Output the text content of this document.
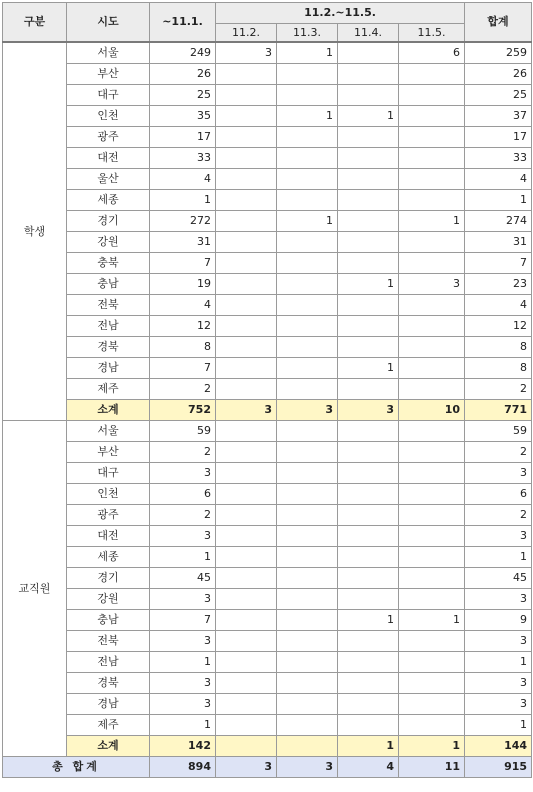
구분	시도	~11.1.	11.2.~11.5.				합계
			11.2.	11.3.	11.4.	11.5.	
학생	서울	249	3	1		6	259
	부산	26					26
	대구	25					25
	인천	35		1	1		37
	광주	17					17
	대전	33					33
	울산	4					4
	세종	1					1
	경기	272		1		1	274
	강원	31					31
	충북	7					7
	충남	19			1	3	23
	전북	4					4
	전남	12					12
	경북	8					8
	경남	7			1		8
	제주	2					2
	소계	752	3	3	3	10	771
교직원	서울	59					59
	부산	2					2
	대구	3					3
	인천	6					6
	광주	2					2
	대전	3					3
	세종	1					1
	경기	45					45
	강원	3					3
	충남	7			1	1	9
	전북	3					3
	전남	1					1
	경북	3					3
	경남	3					3
	제주	1					1
	소계	142			1	1	144
총 합계		894	3	3	4	11	915
